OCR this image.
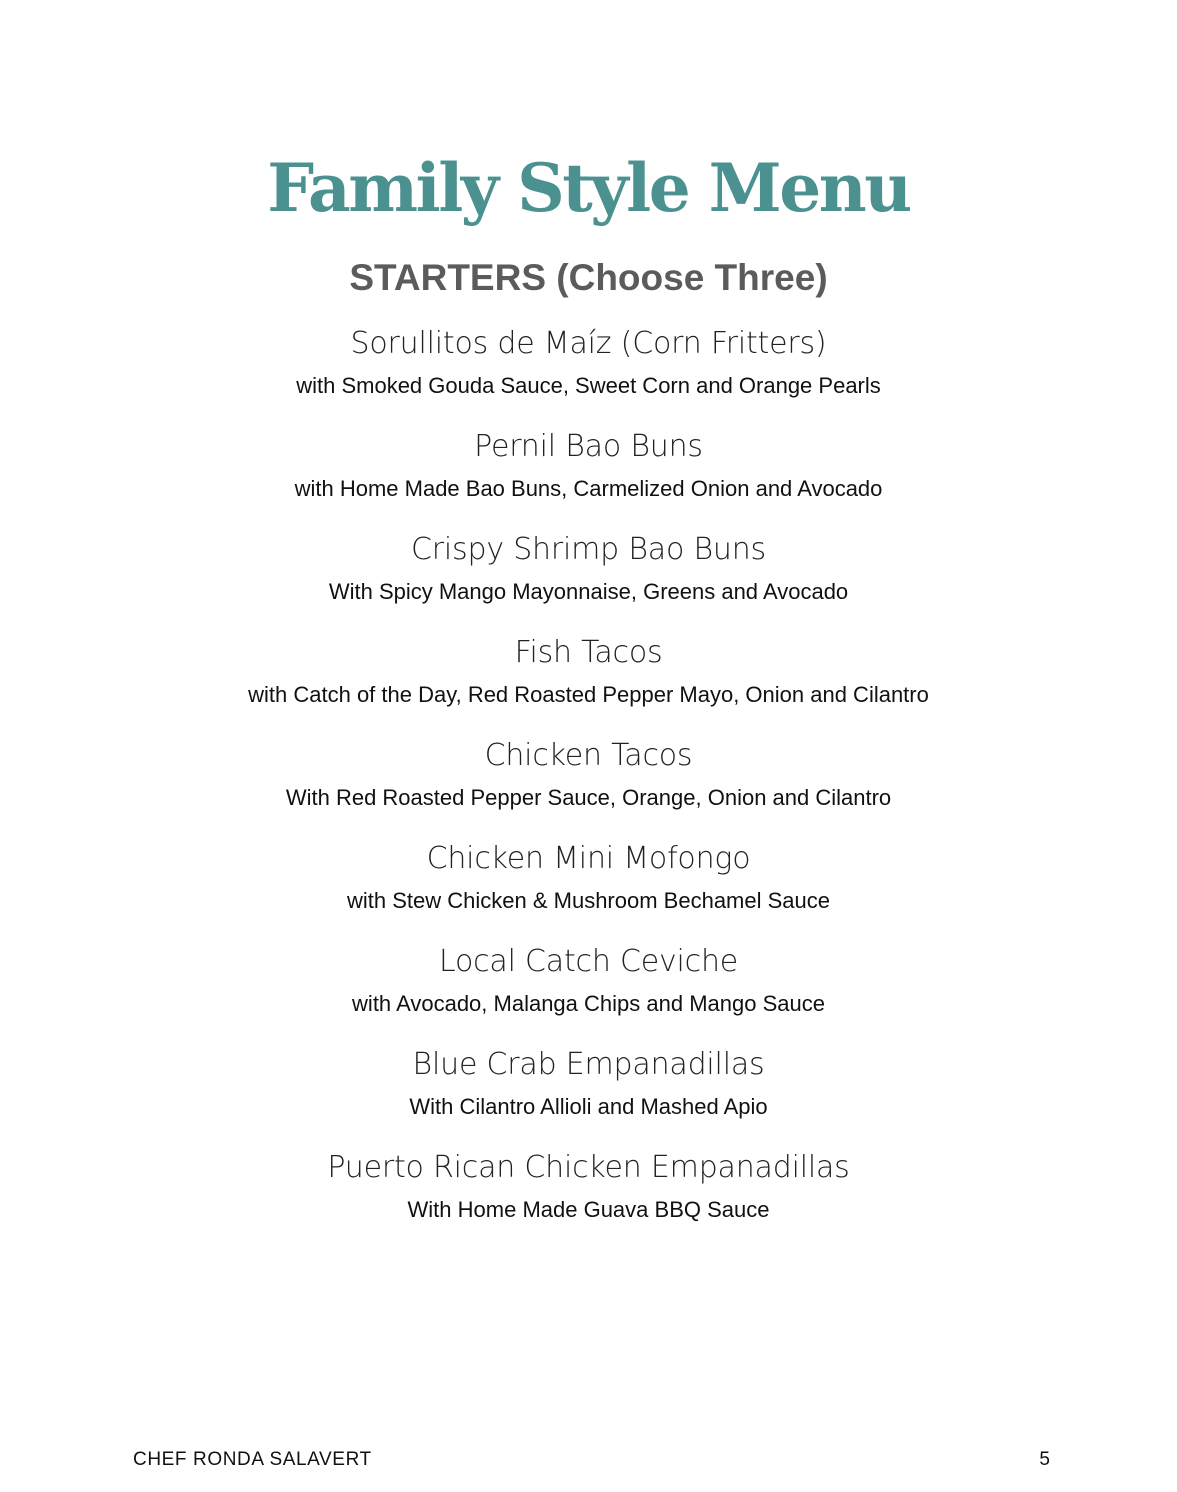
Family Style Menu
STARTERS (Choose Three)
Sorullitos de Maíz (Corn Fritters)
with Smoked Gouda Sauce, Sweet Corn and Orange Pearls
Pernil Bao Buns
with Home Made Bao Buns, Carmelized Onion and Avocado
Crispy Shrimp Bao Buns
With Spicy Mango Mayonnaise, Greens and Avocado
Fish Tacos
with Catch of the Day, Red Roasted Pepper Mayo, Onion and Cilantro
Chicken Tacos
With Red Roasted Pepper Sauce, Orange, Onion and Cilantro
Chicken Mini Mofongo
with Stew Chicken & Mushroom Bechamel Sauce
Local Catch Ceviche
with Avocado, Malanga Chips and Mango Sauce
Blue Crab Empanadillas
With Cilantro Allioli and Mashed Apio
Puerto Rican Chicken Empanadillas
With Home Made Guava BBQ Sauce
CHEF RONDA SALAVERT	5
